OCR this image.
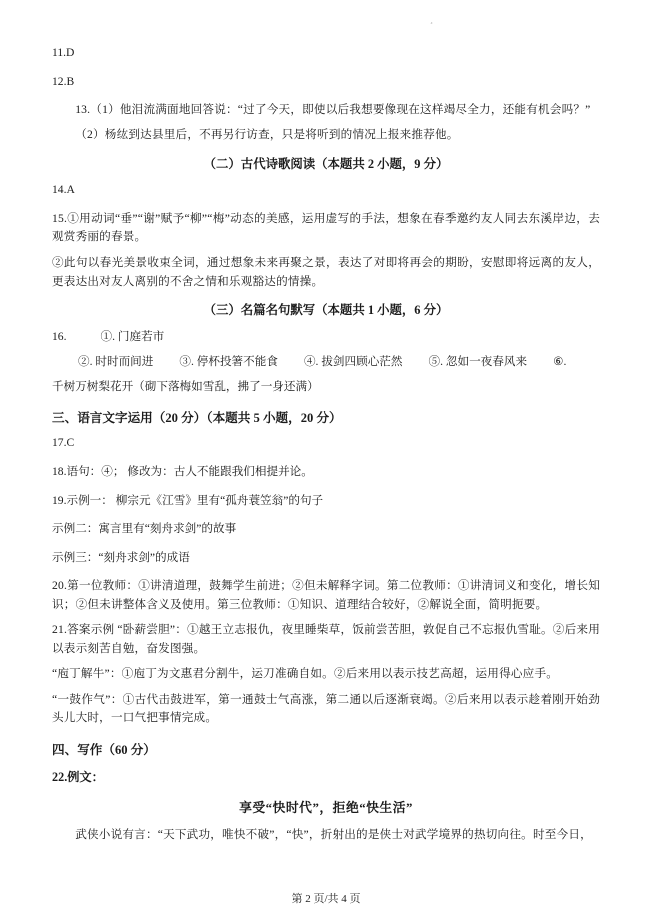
¸

11.D

12.B

13.（1）他泪流满面地回答说：“过了今天，即使以后我想要像现在这样竭尽全力，还能有机会吗？”

（2）杨纮到达县里后，不再另行访查，只是将听到的情况上报来推荐他。

（二）古代诗歌阅读（本题共 2 小题，9 分）

14.A

15.①用动词“垂”“谢”赋予“柳”“梅”动态的美感，运用虚写的手法，想象在春季邀约友人同去东溪岸边，去观赏秀丽的春景。

②此句以春光美景收束全词，通过想象未来再聚之景，表达了对即将再会的期盼，安慰即将远离的友人，更表达出对友人离别的不舍之情和乐观豁达的情操。

（三）名篇名句默写（本题共 1 小题，6 分）

16.	①. 门庭若市

②. 时时而间进 ③. 停杯投箸不能食 ④. 拔剑四顾心茫然 ⑤. 忽如一夜春风来 ⑥.

千树万树梨花开（砌下落梅如雪乱，拂了一身还满）

三、语言文字运用（20 分）（本题共 5 小题，20 分）

17.C

18.语句：④； 修改为：古人不能跟我们相提并论。

19.示例一： 柳宗元《江雪》里有“孤舟蓑笠翁”的句子

示例二：寓言里有“刻舟求剑”的故事

示例三：“刻舟求剑”的成语

20.第一位教师：①讲清道理，鼓舞学生前进；②但未解释字词。第二位教师：①讲清词义和变化，增长知识；②但未讲整体含义及使用。第三位教师：①知识、道理结合较好，②解说全面，简明扼要。

21.答案示例 “卧薪尝胆”：①越王立志报仇，夜里睡柴草，饭前尝苦胆，敦促自己不忘报仇雪耻。②后来用以表示刻苦自勉，奋发图强。

“庖丁解牛”：①庖丁为文惠君分割牛，运刀准确自如。②后来用以表示技艺高超，运用得心应手。

“一鼓作气”：①古代击鼓进军，第一通鼓士气高涨，第二通以后逐渐衰竭。②后来用以表示趁着刚开始劲头儿大时，一口气把事情完成。

四、写作（60 分）

22.例文：

享受“快时代”，拒绝“快生活”

武侠小说有言：“天下武功，唯快不破”，“快”，折射出的是侠士对武学境界的热切向往。时至今日，

第 2 页/共 4 页
